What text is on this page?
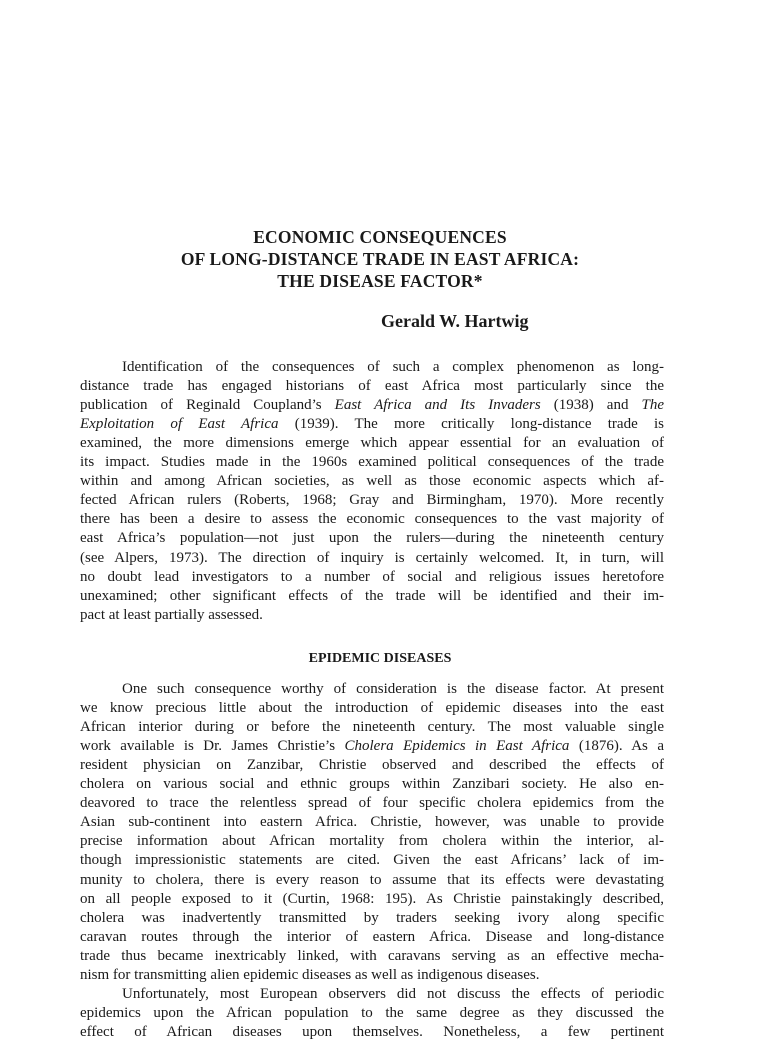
ECONOMIC CONSEQUENCES
OF LONG-DISTANCE TRADE IN EAST AFRICA:
THE DISEASE FACTOR*
Gerald W. Hartwig
Identification of the consequences of such a complex phenomenon as long-
distance trade has engaged historians of east Africa most particularly since the
publication of Reginald Coupland’s East Africa and Its Invaders (1938) and The
Exploitation of East Africa (1939). The more critically long-distance trade is
examined, the more dimensions emerge which appear essential for an evaluation of
its impact. Studies made in the 1960s examined political consequences of the trade
within and among African societies, as well as those economic aspects which af-
fected African rulers (Roberts, 1968; Gray and Birmingham, 1970). More recently
there has been a desire to assess the economic consequences to the vast majority of
east Africa’s population—not just upon the rulers—during the nineteenth century
(see Alpers, 1973). The direction of inquiry is certainly welcomed. It, in turn, will
no doubt lead investigators to a number of social and religious issues heretofore
unexamined; other significant effects of the trade will be identified and their im-
pact at least partially assessed.
EPIDEMIC DISEASES
One such consequence worthy of consideration is the disease factor. At present
we know precious little about the introduction of epidemic diseases into the east
African interior during or before the nineteenth century. The most valuable single
work available is Dr. James Christie’s Cholera Epidemics in East Africa (1876). As a
resident physician on Zanzibar, Christie observed and described the effects of
cholera on various social and ethnic groups within Zanzibari society. He also en-
deavored to trace the relentless spread of four specific cholera epidemics from the
Asian sub-continent into eastern Africa. Christie, however, was unable to provide
precise information about African mortality from cholera within the interior, al-
though impressionistic statements are cited. Given the east Africans’ lack of im-
munity to cholera, there is every reason to assume that its effects were devastating
on all people exposed to it (Curtin, 1968: 195). As Christie painstakingly described,
cholera was inadvertently transmitted by traders seeking ivory along specific
caravan routes through the interior of eastern Africa. Disease and long-distance
trade thus became inextricably linked, with caravans serving as an effective mecha-
nism for transmitting alien epidemic diseases as well as indigenous diseases.
Unfortunately, most European observers did not discuss the effects of periodic
epidemics upon the African population to the same degree as they discussed the
effect of African diseases upon themselves. Nonetheless, a few pertinent
